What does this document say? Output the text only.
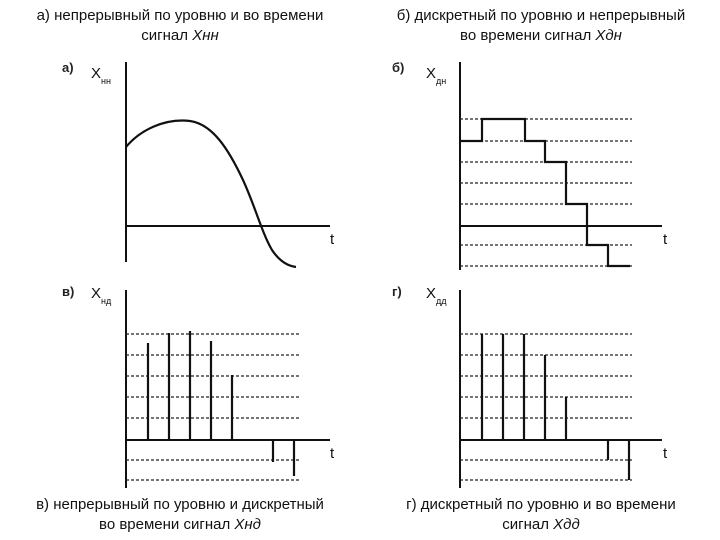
а) непрерывный по уровню и во времени
сигнал Хнн
б) дискретный по уровню и непрерывный
во времени сигнал Хдн
в) непрерывный по уровню и дискретный
во времени сигнал Хнд
г) дискретный по уровню и во времени
сигнал Хдд
а) $X_{нн}$
t
б) $X_{дн}$
t
в) $X_{нд}$
t
г) $X_{дд}$
t
